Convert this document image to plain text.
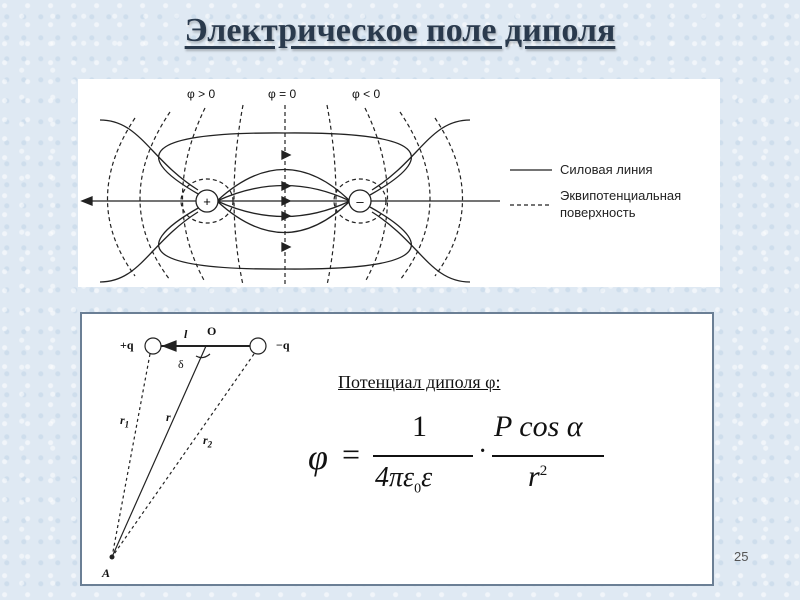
Электрическое поле диполя
+	–
φ > 0	φ = 0	φ < 0
Силовая линия
Эквипотенциальная
поверхность
+q	−q
l O
δ
$r_1$
r
$r_2$
A
Потенциал диполя φ:
φ =
1
$4\pi\varepsilon_0\varepsilon$
·
P cos α
$r^2$
25
